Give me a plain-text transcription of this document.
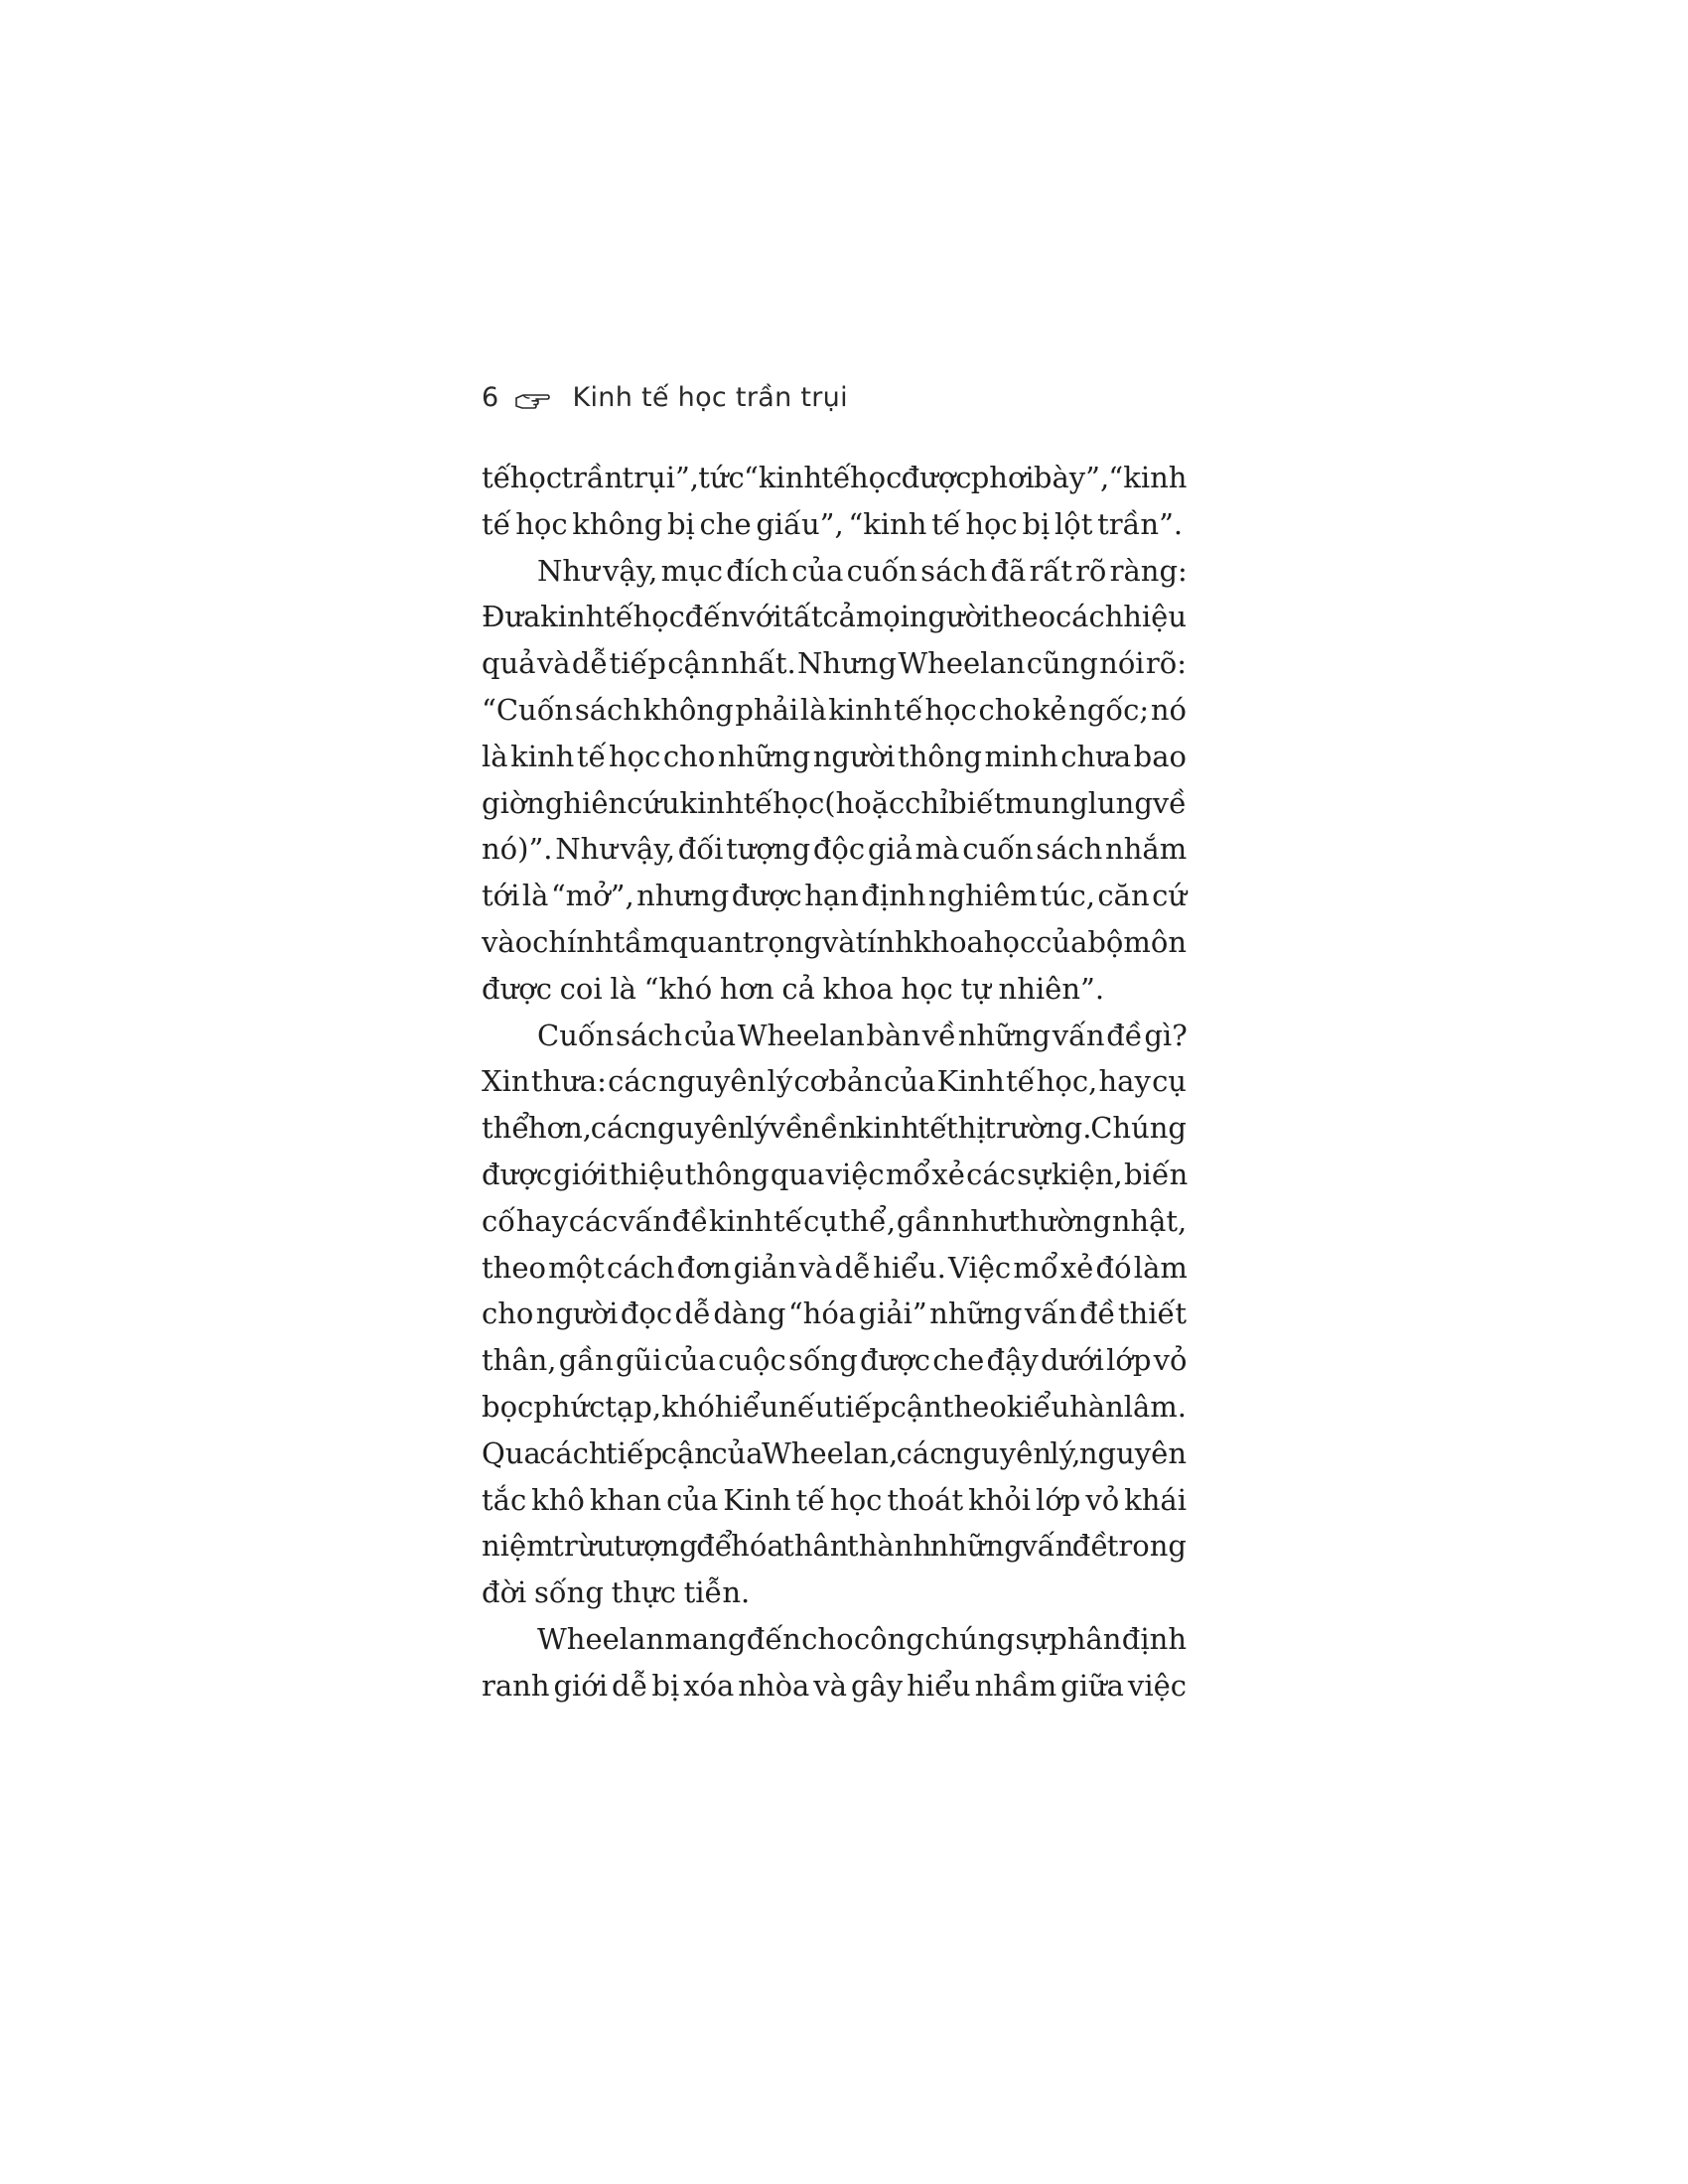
6	Kinh tế học trần trụi
tế học trần trụi”, tức “kinh tế học được phơi bày”, “kinh
tế học không bị che giấu”, “kinh tế học bị lột trần”.
Như vậy, mục đích của cuốn sách đã rất rõ ràng:
Đưa kinh tế học đến với tất cả mọi người theo cách hiệu
quả và dễ tiếp cận nhất. Nhưng Wheelan cũng nói rõ:
“Cuốn sách không phải là kinh tế học cho kẻ ngốc; nó
là kinh tế học cho những người thông minh chưa bao
giờ nghiên cứu kinh tế học (hoặc chỉ biết mung lung về
nó)”. Như vậy, đối tượng độc giả mà cuốn sách nhắm
tới là “mở”, nhưng được hạn định nghiêm túc, căn cứ
vào chính tầm quan trọng và tính khoa học của bộ môn
được coi là “khó hơn cả khoa học tự nhiên”.
Cuốn sách của Wheelan bàn về những vấn đề gì?
Xin thưa: các nguyên lý cơ bản của Kinh tế học, hay cụ
thể hơn, các nguyên lý về nền kinh tế thị trường. Chúng
được giới thiệu thông qua việc mổ xẻ các sự kiện, biến
cố hay các vấn đề kinh tế cụ thể, gần như thường nhật,
theo một cách đơn giản và dễ hiểu. Việc mổ xẻ đó làm
cho người đọc dễ dàng “hóa giải” những vấn đề thiết
thân, gần gũi của cuộc sống được che đậy dưới lớp vỏ
bọc phức tạp, khó hiểu nếu tiếp cận theo kiểu hàn lâm.
Qua cách tiếp cận của Wheelan, các nguyên lý, nguyên
tắc khô khan của Kinh tế học thoát khỏi lớp vỏ khái
niệm trừu tượng để hóa thân thành những vấn đề trong
đời sống thực tiễn.
Wheelan mang đến cho công chúng sự phân định
ranh giới dễ bị xóa nhòa và gây hiểu nhầm giữa việc
